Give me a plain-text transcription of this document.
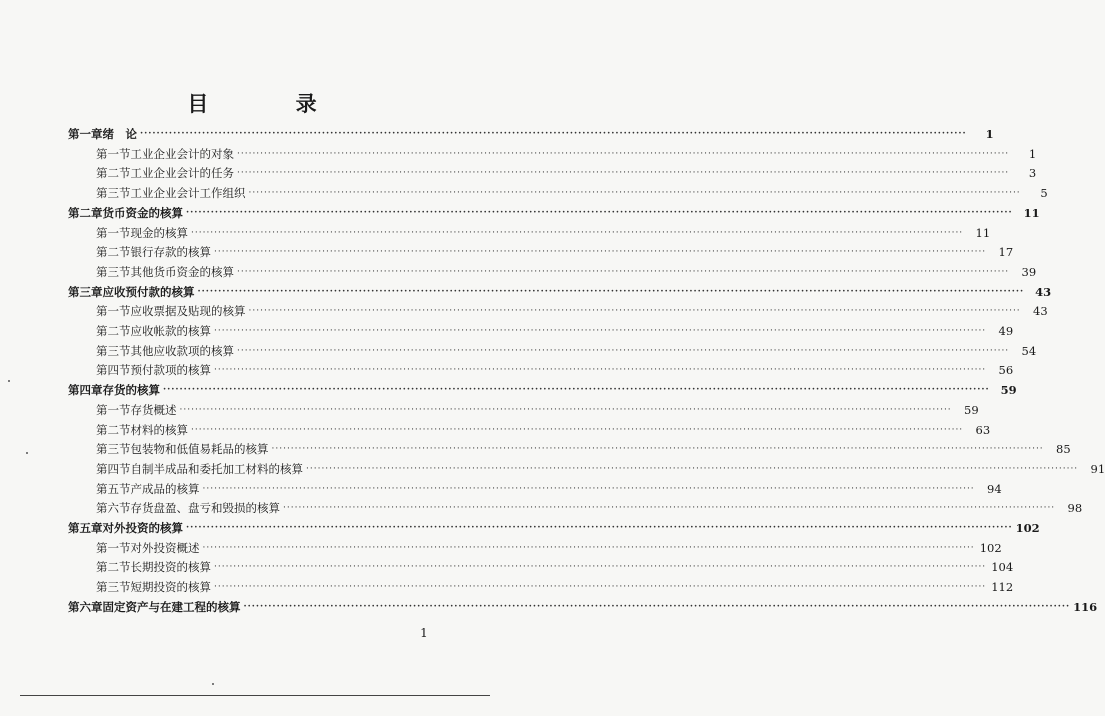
目 录
第一章 绪　论 ········································································································································································································	1
第一节 工业企业会计的对象 ········································································································································································································	1
第二节 工业企业会计的任务 ········································································································································································································	3
第三节 工业企业会计工作组织 ········································································································································································································	5
第二章 货币资金的核算 ········································································································································································································ 11
第一节 现金的核算 ········································································································································································································	11
第二节 银行存款的核算 ········································································································································································································	17
第三节 其他货币资金的核算 ········································································································································································································	39
第三章 应收预付款的核算 ········································································································································································································ 43
第一节 应收票据及贴现的核算 ········································································································································································································	43
第二节 应收帐款的核算 ········································································································································································································	49
第三节 其他应收款项的核算 ········································································································································································································	54
第四节 预付款项的核算 ········································································································································································································	56
第四章 存货的核算 ········································································································································································································ 59
第一节 存货概述 ········································································································································································································	59
第二节 材料的核算 ········································································································································································································	63
第三节 包装物和低值易耗品的核算 ········································································································································································································	85
第四节 自制半成品和委托加工材料的核算 ········································································································································································································	91
第五节 产成品的核算 ········································································································································································································	94
第六节 存货盘盈、盘亏和毁损的核算 ········································································································································································································	98
第五章 对外投资的核算 ········································································································································································································ 102
第一节 对外投资概述 ········································································································································································································ 102
第二节 长期投资的核算 ········································································································································································································ 104
第三节 短期投资的核算 ········································································································································································································ 112
第六章 固定资产与在建工程的核算 ········································································································································································································ 116
1
